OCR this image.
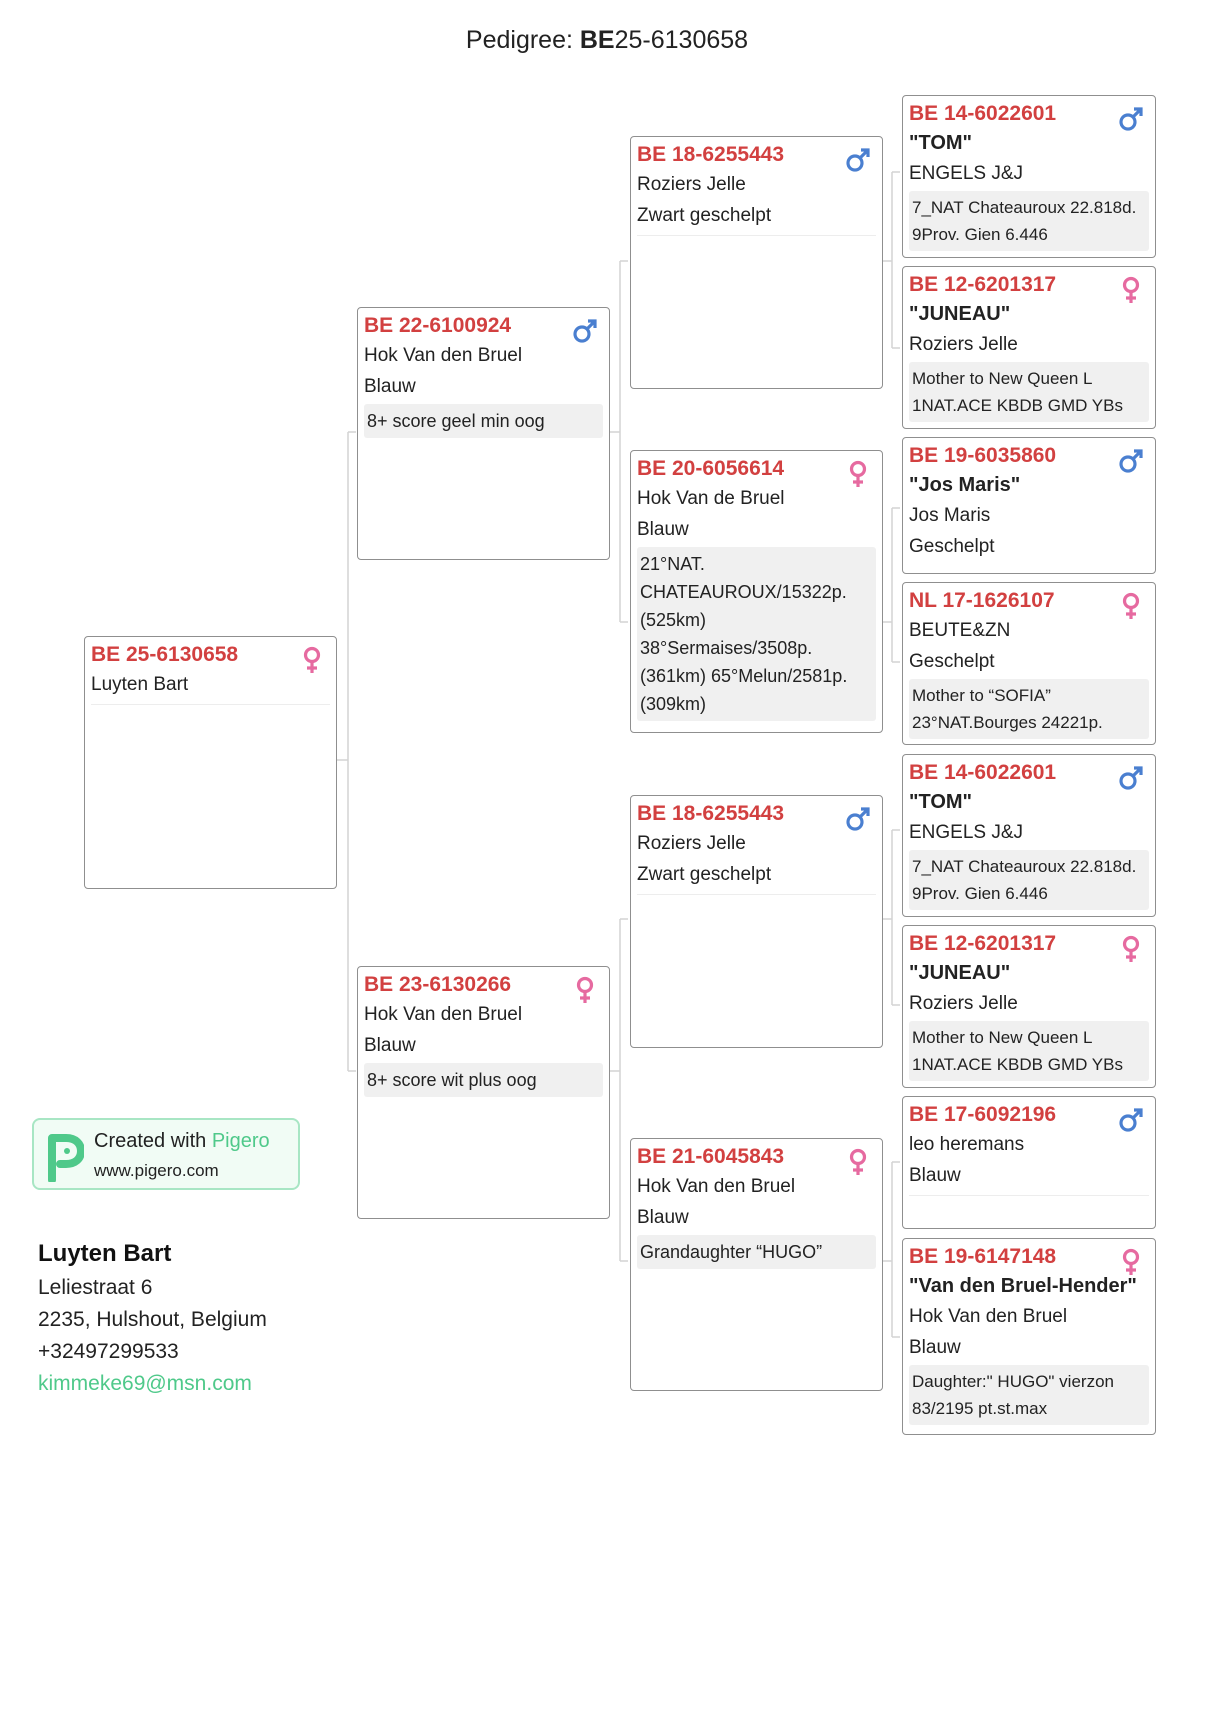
Pedigree: BE25-6130658
BE 25-6130658
Luyten Bart
BE 22-6100924
Hok Van den Bruel
Blauw
8+ score geel min oog
BE 23-6130266
Hok Van den Bruel
Blauw
8+ score wit plus oog
BE 18-6255443
Roziers Jelle
Zwart geschelpt
BE 20-6056614
Hok Van de Bruel
Blauw
21°NAT. CHATEAUROUX/15322p.(525km) 38°Sermaises/3508p.(361km) 65°Melun/2581p.(309km)
BE 18-6255443
Roziers Jelle
Zwart geschelpt
BE 21-6045843
Hok Van den Bruel
Blauw
Grandaughter “HUGO”
BE 14-6022601
"TOM"
ENGELS J&J
7_NAT Chateauroux 22.818d. 9Prov. Gien 6.446
BE 12-6201317
"JUNEAU"
Roziers Jelle
Mother to New Queen L 1NAT.ACE KBDB GMD YBs
BE 19-6035860
"Jos Maris"
Jos Maris
Geschelpt
NL 17-1626107
BEUTE&ZN
Geschelpt
Mother to “SOFIA” 23°NAT.Bourges 24221p.
BE 14-6022601
"TOM"
ENGELS J&J
7_NAT Chateauroux 22.818d. 9Prov. Gien 6.446
BE 12-6201317
"JUNEAU"
Roziers Jelle
Mother to New Queen L 1NAT.ACE KBDB GMD YBs
BE 17-6092196
leo heremans
Blauw
BE 19-6147148
"Van den Bruel-Hender"
Hok Van den Bruel
Blauw
Daughter:" HUGO" vierzon 83/2195 pt.st.max
Created with Pigero
www.pigero.com
Luyten Bart
Leliestraat 6
2235, Hulshout, Belgium
+32497299533
kimmeke69@msn.com
